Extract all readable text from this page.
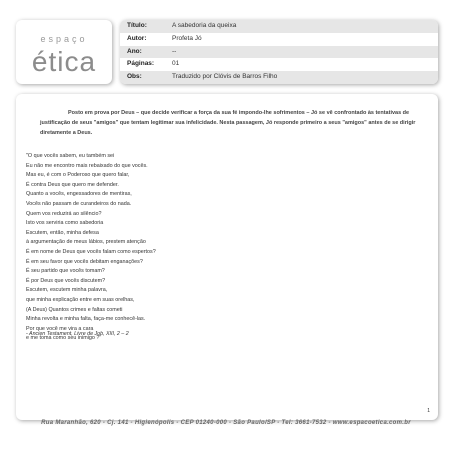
espaço
ética
Título:	A sabedoria da queixa
Autor:	Profeta Jó
Ano:	--
Páginas:	01
Obs:	Traduzido por Clóvis de Barros Filho

Posto em prova por Deus – que decide verificar a força da sua fé impondo-lhe sofrimentos – Jó se vê confrontado às tentativas de justificação de seus "amigos" que tentam legitimar sua infelicidade. Nesta passagem, Jó responde primeiro a seus "amigos" antes de se dirigir diretamente a Deus.

"O que vocês sabem, eu também sei
Eu não me encontro mais rebaixado do que vocês.
Mas eu, é com o Poderoso que quero falar,
É contra Deus que quero me defender.
Quanto a vocês, engessadores de mentiras,
Vocês não passam de curandeiros do nada.
Quem vos reduzirá ao silêncio?
Isto vos serviria como sabedoria
Escutem, então, minha defesa
à argumentação de meus lábios, prestem atenção
É em nome de Deus que vocês falam como espertos?
É em seu favor que vocês debitam enganações?
É seu partido que vocês tomam?
É por Deus que vocês discutem?
Escutem, escutem minha palavra,
que minha explicação entre em suas orelhas,
(A Deus) Quantos crimes e faltas cometi
Minha revolta e minha falta, faça-me conhecê-las.
Por que você me vira a cara
e me toma como seu inimigo ?"
- Ancien Testament, Livre de Job, XIII, 2 – 2
1
Rua Maranhão, 620 - Cj. 141 - Higienópolis - CEP 01240-000 - São Paulo/SP - Tel: 3661-7532 - www.espacoetica.com.br
